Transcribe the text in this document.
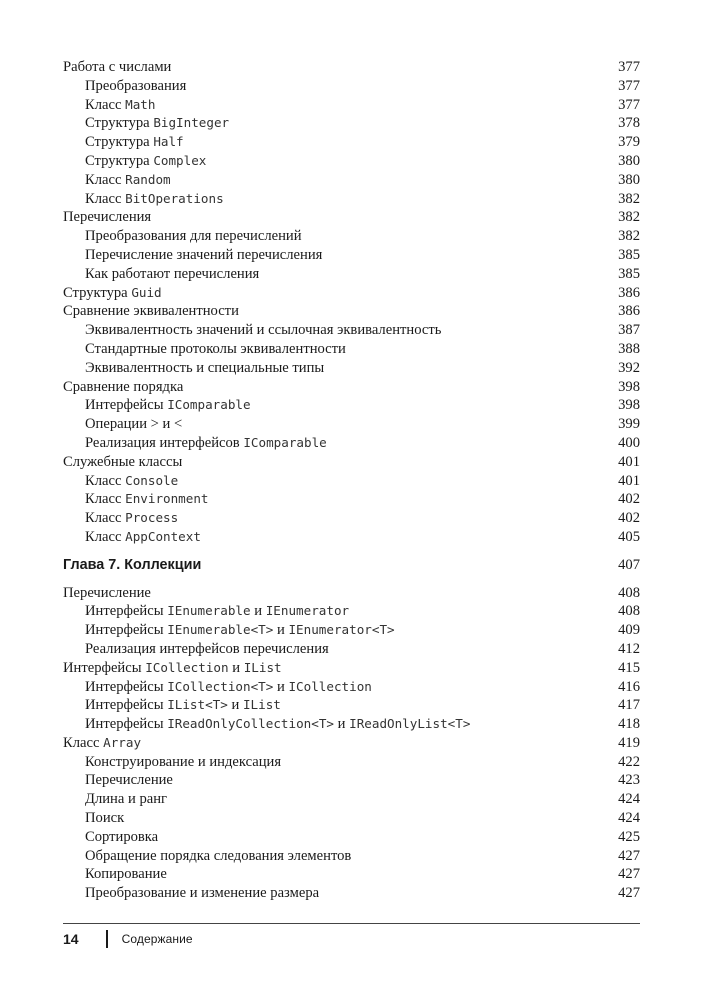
Работа с числами	377
Преобразования	377
Класс Math	377
Структура BigInteger	378
Структура Half	379
Структура Complex	380
Класс Random	380
Класс BitOperations	382
Перечисления	382
Преобразования для перечислений	382
Перечисление значений перечисления	385
Как работают перечисления	385
Структура Guid	386
Сравнение эквивалентности	386
Эквивалентность значений и ссылочная эквивалентность	387
Стандартные протоколы эквивалентности	388
Эквивалентность и специальные типы	392
Сравнение порядка	398
Интерфейсы IComparable	398
Операции > и <	399
Реализация интерфейсов IComparable	400
Служебные классы	401
Класс Console	401
Класс Environment	402
Класс Process	402
Класс AppContext	405
Глава 7. Коллекции	407
Перечисление	408
Интерфейсы IEnumerable и IEnumerator	408
Интерфейсы IEnumerable<T> и IEnumerator<T>	409
Реализация интерфейсов перечисления	412
Интерфейсы ICollection и IList	415
Интерфейсы ICollection<T> и ICollection	416
Интерфейсы IList<T> и IList	417
Интерфейсы IReadOnlyCollection<T> и IReadOnlyList<T>	418
Класс Array	419
Конструирование и индексация	422
Перечисление	423
Длина и ранг	424
Поиск	424
Сортировка	425
Обращение порядка следования элементов	427
Копирование	427
Преобразование и изменение размера	427
14	Содержание
